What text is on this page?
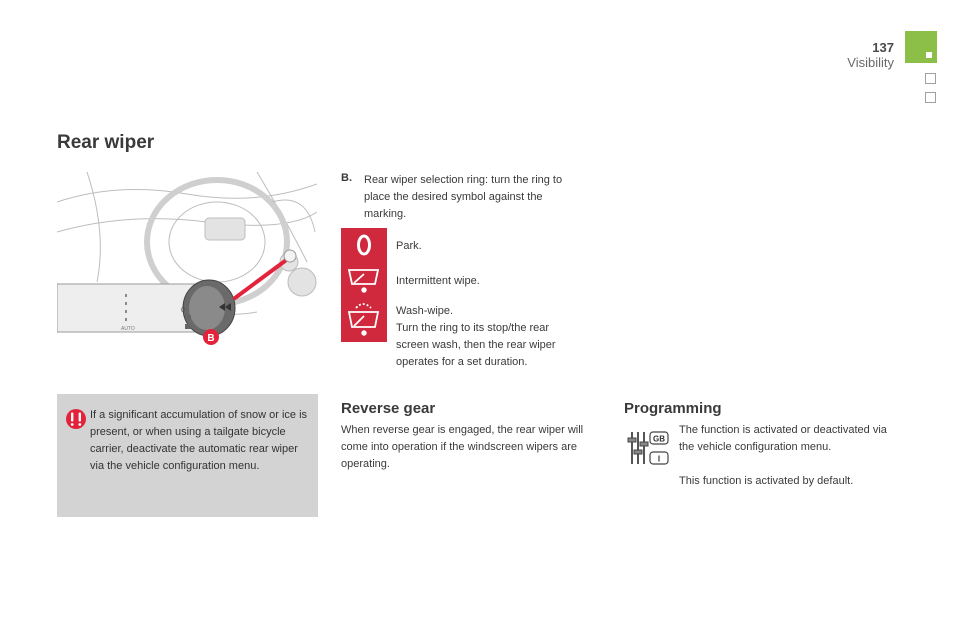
137
Visibility
Rear wiper
AUTO
0
B
B. Rear wiper selection ring: turn the ring to place the desired symbol against the marking.
Park.
Intermittent wipe.
Wash-wipe.
Turn the ring to its stop/the rear screen wash, then the rear wiper operates for a set duration.
If a significant accumulation of snow or ice is present, or when using a tailgate bicycle carrier, deactivate the automatic rear wiper via the vehicle configuration menu.
Reverse gear
When reverse gear is engaged, the rear wiper will come into operation if the windscreen wipers are operating.
Programming
GB
I
The function is activated or deactivated via the vehicle configuration menu.
This function is activated by default.
